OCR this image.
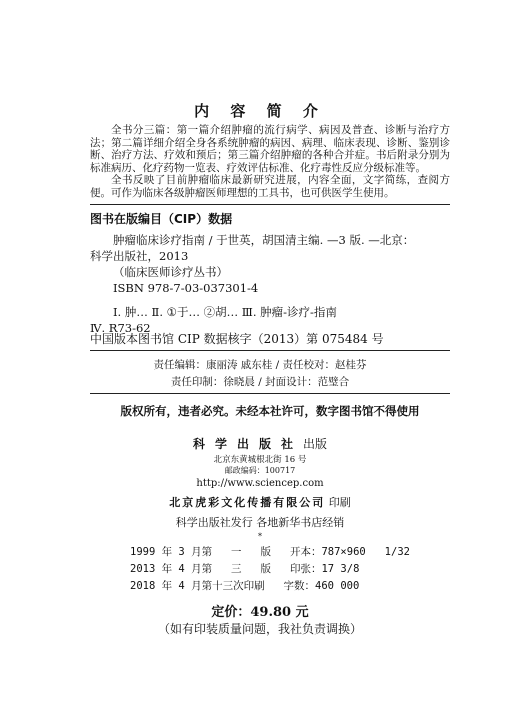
内 容 简 介

全书分三篇：第一篇介绍肿瘤的流行病学、病因及普查、诊断与治疗方法；第二篇详细介绍全身各系统肿瘤的病因、病理、临床表现、诊断、鉴别诊断、治疗方法、疗效和预后；第三篇介绍肿瘤的各种合并症。书后附录分别为标准病历、化疗药物一览表、疗效评估标准、化疗毒性反应分级标准等。

全书反映了目前肿瘤临床最新研究进展，内容全面，文字简练，查阅方便。可作为临床各级肿瘤医师理想的工具书，也可供医学生使用。

图书在版编目（CIP）数据
肿瘤临床诊疗指南 / 于世英，胡国清主编. —3 版. —北京：
科学出版社，2013
（临床医师诊疗丛书）
ISBN 978-7-03-037301-4
Ⅰ. 肿… Ⅱ. ①于… ②胡… Ⅲ. 肿瘤-诊疗-指南
Ⅳ. R73-62
中国版本图书馆 CIP 数据核字（2013）第 075484 号
责任编辑：康丽涛 戚东桂 / 责任校对：赵桂芬
责任印制：徐晓晨 / 封面设计：范璧合
版权所有，违者必究。未经本社许可，数字图书馆不得使用
科学出版社出版
北京东黄城根北街 16 号
邮政编码：100717
http://www.sciencep.com
北京虎彩文化传播有限公司 印刷
科学出版社发行 各地新华书店经销
*
1999 年 3 月第   一   版   开本：787×960   1/32
2013 年 4 月第   三   版   印张：17 3/8
2018 年 4 月第十三次印刷   字数：460 000
定价：49.80 元
（如有印装质量问题，我社负责调换）
